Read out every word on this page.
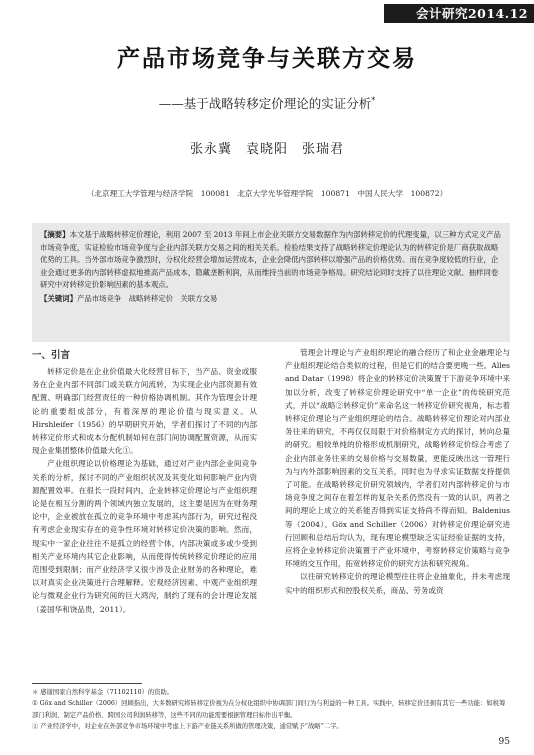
会计研究2014.12
产品市场竞争与关联方交易
——基于战略转移定价理论的实证分析*
张永冀　袁晓阳　张瑞君
（北京理工大学管理与经济学院　100081　北京大学光华管理学院　100871　中国人民大学　100872）
【摘要】本文基于战略转移定价理论，利用 2007 至 2013 年间上市企业关联方交易数据作为内部转移定价的代理变量，以三种方式定义产品市场竞争度，实证检验市场竞争度与企业内部关联方交易之间的相关关系。检验结果支持了战略转移定价理论认为的转移定价是厂商获取战略优势的工具。当外部市场竞争激烈时，分权化经营会增加运营成本，企业会降低内部转移以增强产品的价格优势。而在竞争度较低的行业，企业会通过更多的内部转移虚拟地推高产品成本，隐藏垄断利润，从而维持当前的市场竞争格局。研究结论同时支持了以往理论文献、抽样同卷研究中对转移定价影响因素的基本观点。
【关键词】产品市场竞争　战略转移定价　关联方交易
一、引言

转移定价是在企业价值最大化经营目标下，当产品、资金或服务在企业内部不同部门或关联方间流转，为实现企业内部资源有效配置、明确部门经营责任的一种价格协调机制。其作为管理会计理论的重要组成部分，有着深厚的理论价值与现实意义。从 Hirshleifer（1956）的早期研究开始，学者们探讨了不同的内部转移定价形式和成本分配机制如何在部门间协调配置资源，从而实现企业集团整体价值最大化①。

产业组织理论以价格理论为基础，通过对产业内部企业间竞争关系的分析，探讨不同的产业组织状况及其变化如何影响产业内资源配置效率。在很长一段时间内，企业转移定价理论与产业组织理论是在相互分割的两个领域内独立发展的，这主要是因为在财务理论中，企业被放在孤立的竞争环境中考虑其内部行为，研究过程没有考虑企业现实存在的竞争性环境对转移定价决策的影响。然而，现实中一家企业往往不是孤立的经营个体，内部决策或多或少受到相关产业环境内其它企业影响，从而使得传统转移定价理论的应用范围受到限制；而产业经济学又很少涉及企业财务的各种理论，难以对真实企业决策进行合理解释。宏观经济因素、中观产业组织理论与微观企业行为研究间的巨大鸿沟，制约了现有的会计理论发展（姜国华和饶品贵，2011）。

管理会计理论与产业组织理论的融合经历了和企业金融理论与产业组织理论结合类似的过程，但是它们的结合要更晚一些。Alles and Datar（1998）将企业的转移定价决策置于下游竞争环境中来加以分析，改变了转移定价理论研究中“单一企业”的传统研究范式，并以“战略②转移定价”来命名这一转移定价研究视角，标志着转移定价理论与产业组织理论的结合。战略转移定价理论对内部业务往来的研究，不再仅仅局限于对价格制定方式的探讨，转向总量的研究。相较单纯的价格形成机制研究，战略转移定价综合考虑了企业内部业务往来的交易价格与交易数量，更能反映出这一管理行为与内外部影响因素的交互关系，同时也为寻求实证数据支持提供了可能。在战略转移定价研究领域内，学者们对内部转移定价与市场竞争度之间存在着怎样的复杂关系仍然没有一致的认识，两者之间的理论上成立的关系能否得到实证支持尚不得而知。Baldenius 等（2004）、Göx and Schiller（2006）对转移定价理论研究进行回顾和总结后均认为，现有理论模型缺乏实证经验证据的支持，应将企业转移定价决策置于产业环境中，考察转移定价策略与竞争环境的交互作用，拓宽转移定价的研究方法和研究视角。

以往研究转移定价的理论模型往往将企业抽象化，并未考虑现实中的组织形式和控股权关系，商品、劳务或资

＊ 感谢国家自然科学基金（71102110）的资助。
① Göx and Schiller（2006）回顾指出，大多数研究将转移定价视为在分权化组织中协调部门间行为与利益的一种工具。实践中，转移定价还拥有其它一些功能：如税筹部门利润、制定产品价格、跨国公司利润转移等，这些不同的功能需要根据管理目标作出平衡。
② 产业经济学中，对企业在外部竞争市场环境中考虑上下游产业链关系所做的管理决策，通常赋予“战略”二字。
95
